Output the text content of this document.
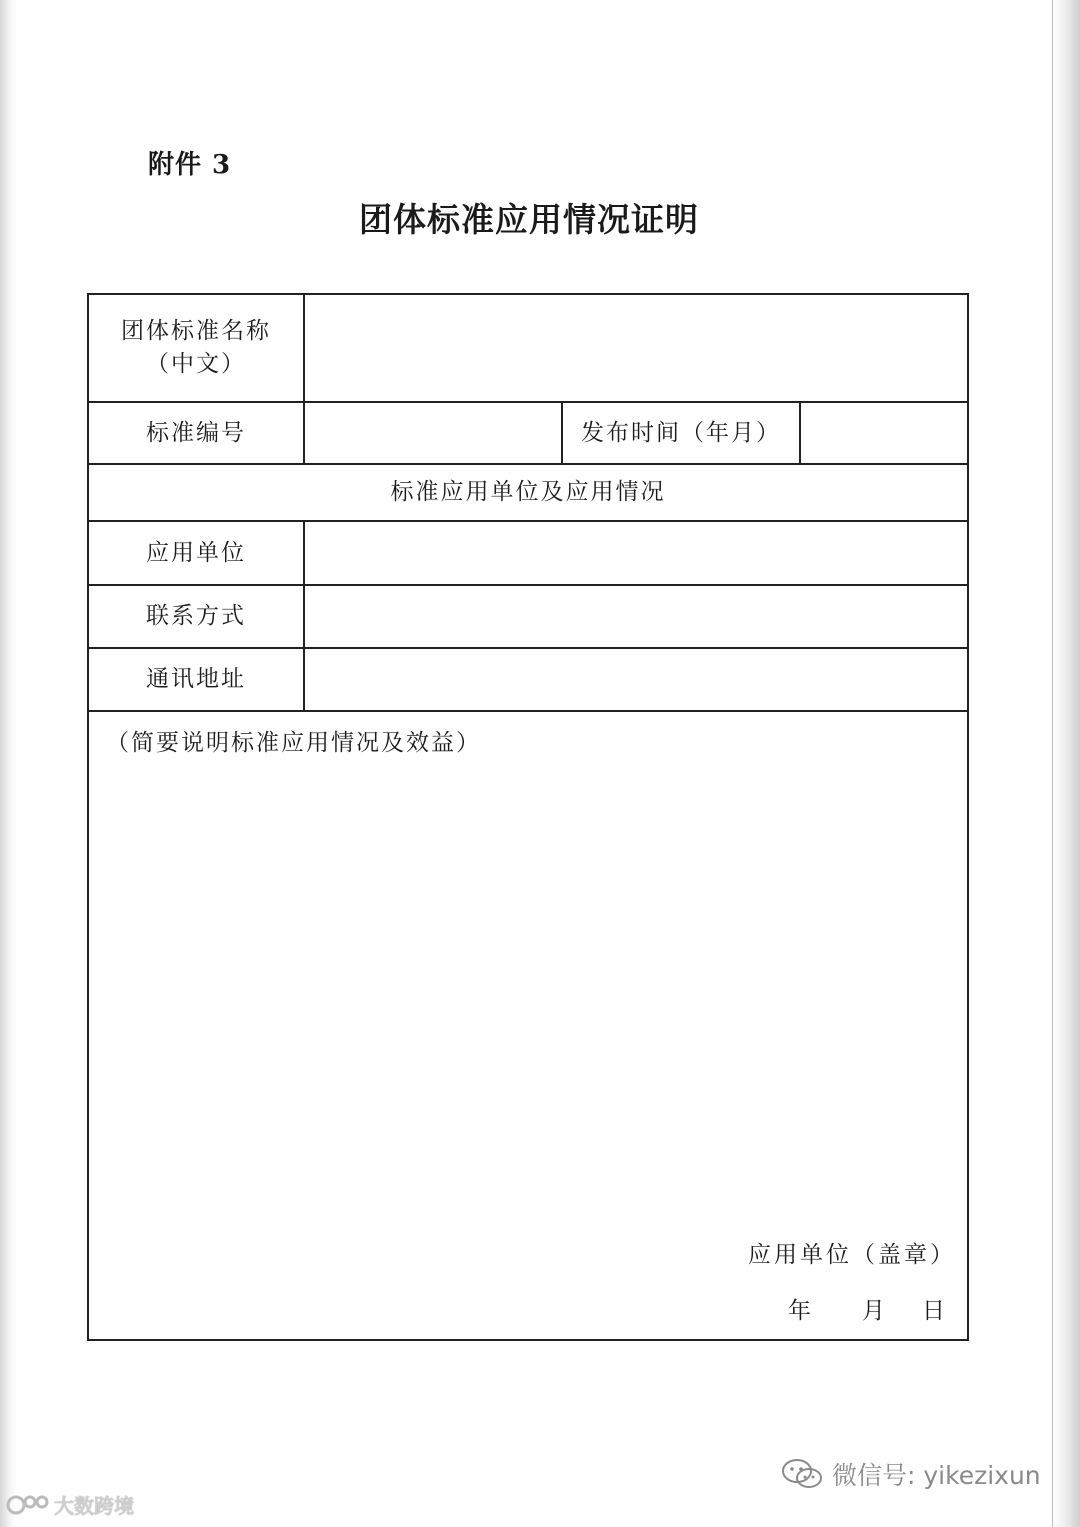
附件 3
团体标准应用情况证明
团体标准名称
（中文）
标准编号	发布时间（年月）
标准应用单位及应用情况
应用单位
联系方式
通讯地址
（简要说明标准应用情况及效益）
应用单位（盖章）
年 月 日
微信号: yikezixun
大数跨境
